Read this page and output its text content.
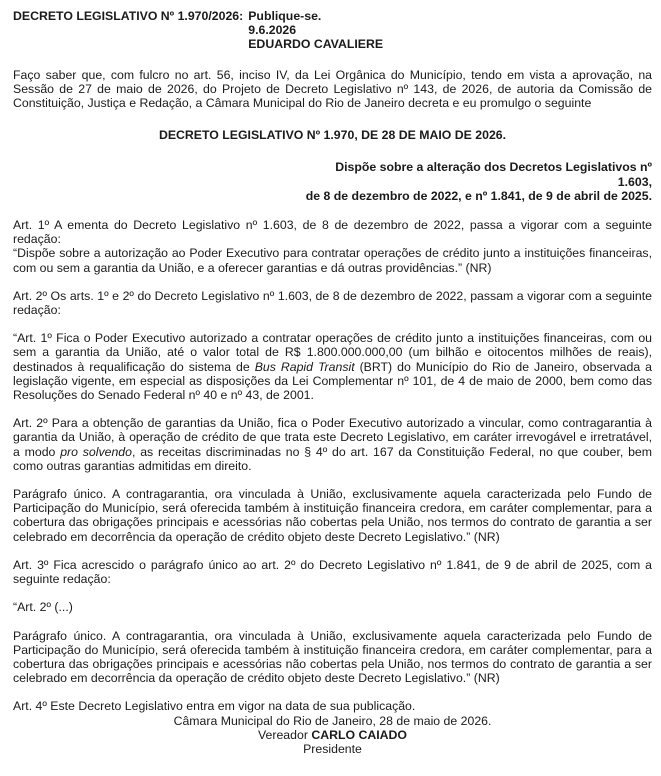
DECRETO LEGISLATIVO Nº 1.970/2026: Publique-se.
9.6.2026
EDUARDO CAVALIERE

Faço saber que, com fulcro no art. 56, inciso IV, da Lei Orgânica do Município, tendo em vista a aprovação, na Sessão de 27 de maio de 2026, do Projeto de Decreto Legislativo nº 143, de 2026, de autoria da Comissão de Constituição, Justiça e Redação, a Câmara Municipal do Rio de Janeiro decreta e eu promulgo o seguinte

DECRETO LEGISLATIVO Nº 1.970, DE 28 DE MAIO DE 2026.
Dispõe sobre a alteração dos Decretos Legislativos nº 1.603,
de 8 de dezembro de 2022, e nº 1.841, de 9 de abril de 2025.

Art. 1º A ementa do Decreto Legislativo nº 1.603, de 8 de dezembro de 2022, passa a vigorar com a seguinte redação:

“Dispõe sobre a autorização ao Poder Executivo para contratar operações de crédito junto a instituições financeiras, com ou sem a garantia da União, e a oferecer garantias e dá outras providências.” (NR)

Art. 2º Os arts. 1º e 2º do Decreto Legislativo nº 1.603, de 8 de dezembro de 2022, passam a vigorar com a seguinte redação:

“Art. 1º Fica o Poder Executivo autorizado a contratar operações de crédito junto a instituições financeiras, com ou sem a garantia da União, até o valor total de R$ 1.800.000.000,00 (um bilhão e oitocentos milhões de reais), destinados à requalificação do sistema de Bus Rapid Transit (BRT) do Município do Rio de Janeiro, observada a legislação vigente, em especial as disposições da Lei Complementar nº 101, de 4 de maio de 2000, bem como das Resoluções do Senado Federal nº 40 e nº 43, de 2001.

Art. 2º Para a obtenção de garantias da União, fica o Poder Executivo autorizado a vincular, como contragarantia à garantia da União, à operação de crédito de que trata este Decreto Legislativo, em caráter irrevogável e irretratável, a modo pro solvendo, as receitas discriminadas no § 4º do art. 167 da Constituição Federal, no que couber, bem como outras garantias admitidas em direito.

Parágrafo único. A contragarantia, ora vinculada à União, exclusivamente aquela caracterizada pelo Fundo de Participação do Município, será oferecida também à instituição financeira credora, em caráter complementar, para a cobertura das obrigações principais e acessórias não cobertas pela União, nos termos do contrato de garantia a ser celebrado em decorrência da operação de crédito objeto deste Decreto Legislativo.” (NR)

Art. 3º Fica acrescido o parágrafo único ao art. 2º do Decreto Legislativo nº 1.841, de 9 de abril de 2025, com a seguinte redação:

“Art. 2º (...)

Parágrafo único. A contragarantia, ora vinculada à União, exclusivamente aquela caracterizada pelo Fundo de Participação do Município, será oferecida também à instituição financeira credora, em caráter complementar, para a cobertura das obrigações principais e acessórias não cobertas pela União, nos termos do contrato de garantia a ser celebrado em decorrência da operação de crédito objeto deste Decreto Legislativo.” (NR)

Art. 4º Este Decreto Legislativo entra em vigor na data de sua publicação.

Câmara Municipal do Rio de Janeiro, 28 de maio de 2026.
Vereador CARLO CAIADO
Presidente
